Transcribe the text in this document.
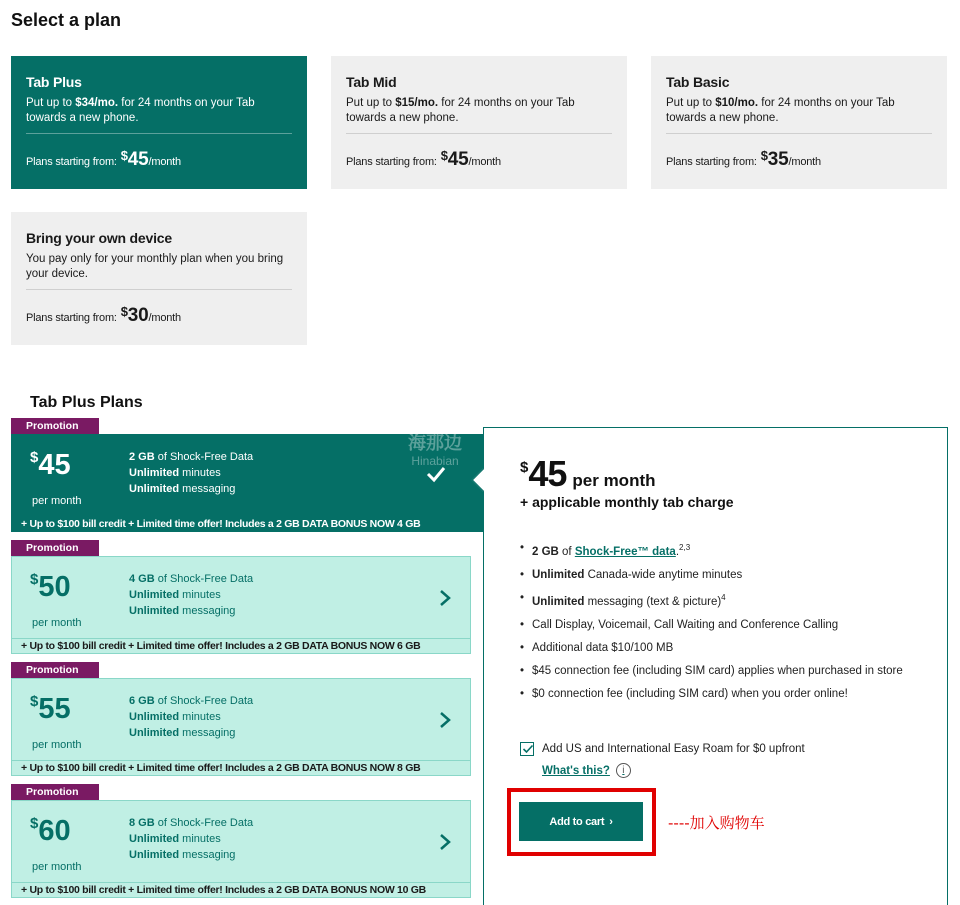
Select a plan
Tab Plus
Put up to $34/mo. for 24 months on your Tab towards a new phone.
Plans starting from: $ 45 /month
Tab Mid
Put up to $15/mo. for 24 months on your Tab towards a new phone.
Plans starting from: $ 45 /month
Tab Basic
Put up to $10/mo. for 24 months on your Tab towards a new phone.
Plans starting from: $ 35 /month
Bring your own device
You pay only for your monthly plan when you bring your device.
Plans starting from: $ 30 /month
Tab Plus Plans
Promotion
$45
per month
2 GB of Shock-Free Data
Unlimited minutes
Unlimited messaging
+ Up to $100 bill credit + Limited time offer! Includes a 2 GB DATA BONUS NOW 4 GB
海那边
Hinabian
Promotion
$50
per month
4 GB of Shock-Free Data
Unlimited minutes
Unlimited messaging
+ Up to $100 bill credit + Limited time offer! Includes a 2 GB DATA BONUS NOW 6 GB
Promotion
$55
per month
6 GB of Shock-Free Data
Unlimited minutes
Unlimited messaging
+ Up to $100 bill credit + Limited time offer! Includes a 2 GB DATA BONUS NOW 8 GB
Promotion
$60
per month
8 GB of Shock-Free Data
Unlimited minutes
Unlimited messaging
+ Up to $100 bill credit + Limited time offer! Includes a 2 GB DATA BONUS NOW 10 GB
$45 per month
+ applicable monthly tab charge
• 2 GB of Shock-Free™ data.$^{2,3}$
• Unlimited Canada-wide anytime minutes
• Unlimited messaging (text & picture)$^4$
• Call Display, Voicemail, Call Waiting and Conference Calling
• Additional data $10/100 MB
• $45 connection fee (including SIM card) applies when purchased in store
• $0 connection fee (including SIM card) when you order online!
Add US and International Easy Roam for $0 upfront
What's this?	i
Add to cart ›	----加入购物车
